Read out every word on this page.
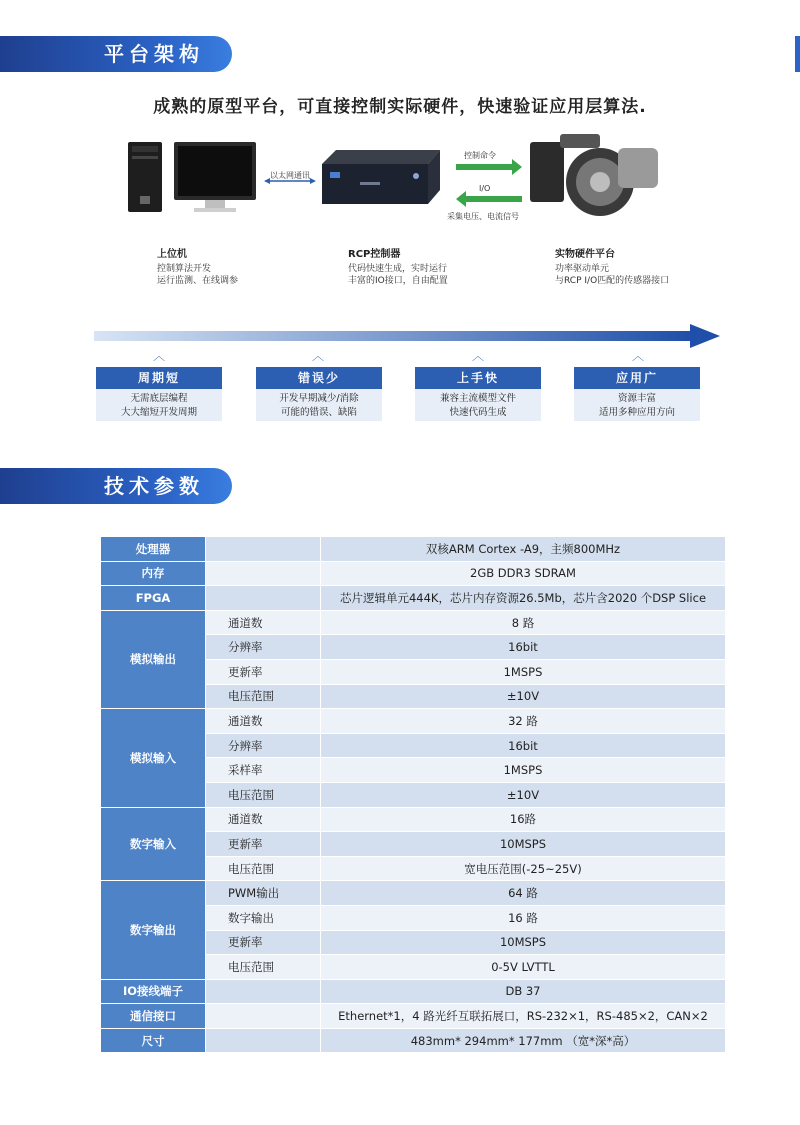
平台架构
成熟的原型平台，可直接控制实际硬件，快速验证应用层算法.
以太网通讯
控制命令
I/O
采集电压、电流信号
上位机
控制算法开发
运行监测、在线调参
RCP控制器
代码快速生成，实时运行
丰富的IO接口，自由配置
实物硬件平台
功率驱动单元
与RCP I/O匹配的传感器接口
︿	︿	︿	︿
周期短
无需底层编程
大大缩短开发周期
错误少
开发早期减少/消除
可能的错误、缺陷
上手快
兼容主流模型文件
快速代码生成
应用广
资源丰富
适用多种应用方向
技术参数
处理器		双核ARM Cortex -A9，主频800MHz
内存		2GB DDR3 SDRAM
FPGA		芯片逻辑单元444K，芯片内存资源26.5Mb，芯片含2020 个DSP Slice
模拟输出	通道数	8 路
	分辨率	16bit
	更新率	1MSPS
	电压范围	±10V
模拟输入	通道数	32 路
	分辨率	16bit
	采样率	1MSPS
	电压范围	±10V
数字输入	通道数	16路
	更新率	10MSPS
	电压范围	宽电压范围(-25~25V)
数字输出	PWM输出	64 路
	数字输出	16 路
	更新率	10MSPS
	电压范围	0-5V LVTTL
IO接线端子		DB 37
通信接口		Ethernet*1，4 路光纤互联拓展口，RS-232×1，RS-485×2，CAN×2
尺寸		483mm* 294mm* 177mm （宽*深*高）
